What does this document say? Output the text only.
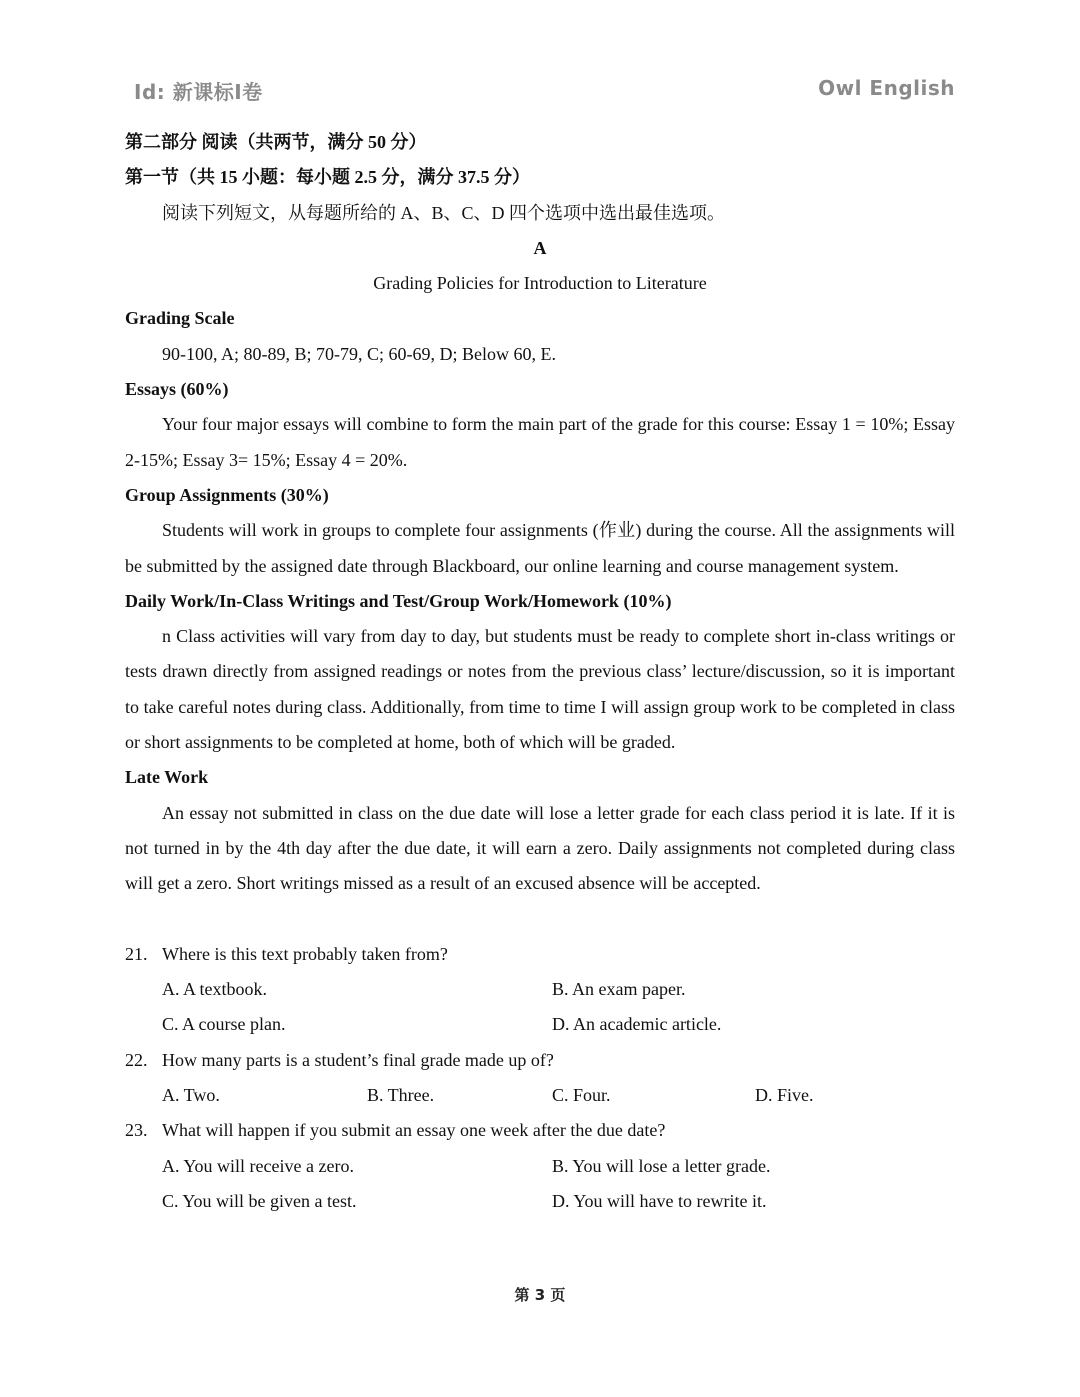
Id: 新课标I卷	Owl English
第二部分 阅读（共两节，满分 50 分）
第一节（共 15 小题：每小题 2.5 分，满分 37.5 分）
阅读下列短文，从每题所给的 A、B、C、D 四个选项中选出最佳选项。
A
Grading Policies for Introduction to Literature
Grading Scale

90-100, A; 80-89, B; 70-79, C; 60-69, D; Below 60, E.

Essays (60%)

Your four major essays will combine to form the main part of the grade for this course: Essay 1 = 10%; Essay 2-15%; Essay 3= 15%; Essay 4 = 20%.

Group Assignments (30%)

Students will work in groups to complete four assignments (作业) during the course. All the assignments will be submitted by the assigned date through Blackboard, our online learning and course management system.

Daily Work/In-Class Writings and Test/Group Work/Homework (10%)

n Class activities will vary from day to day, but students must be ready to complete short in-class writings or tests drawn directly from assigned readings or notes from the previous class’ lecture/discussion, so it is important to take careful notes during class. Additionally, from time to time I will assign group work to be completed in class or short assignments to be completed at home, both of which will be graded.

Late Work

An essay not submitted in class on the due date will lose a letter grade for each class period it is late. If it is not turned in by the 4th day after the due date, it will earn a zero. Daily assignments not completed during class will get a zero. Short writings missed as a result of an excused absence will be accepted.

21. Where is this text probably taken from?
A. A textbook.	B. An exam paper.
C. A course plan.	D. An academic article.
22. How many parts is a student’s final grade made up of?
A. Two.	B. Three.	C. Four.	D. Five.
23. What will happen if you submit an essay one week after the due date?
A. You will receive a zero.	B. You will lose a letter grade.
C. You will be given a test.	D. You will have to rewrite it.
第 3 页
